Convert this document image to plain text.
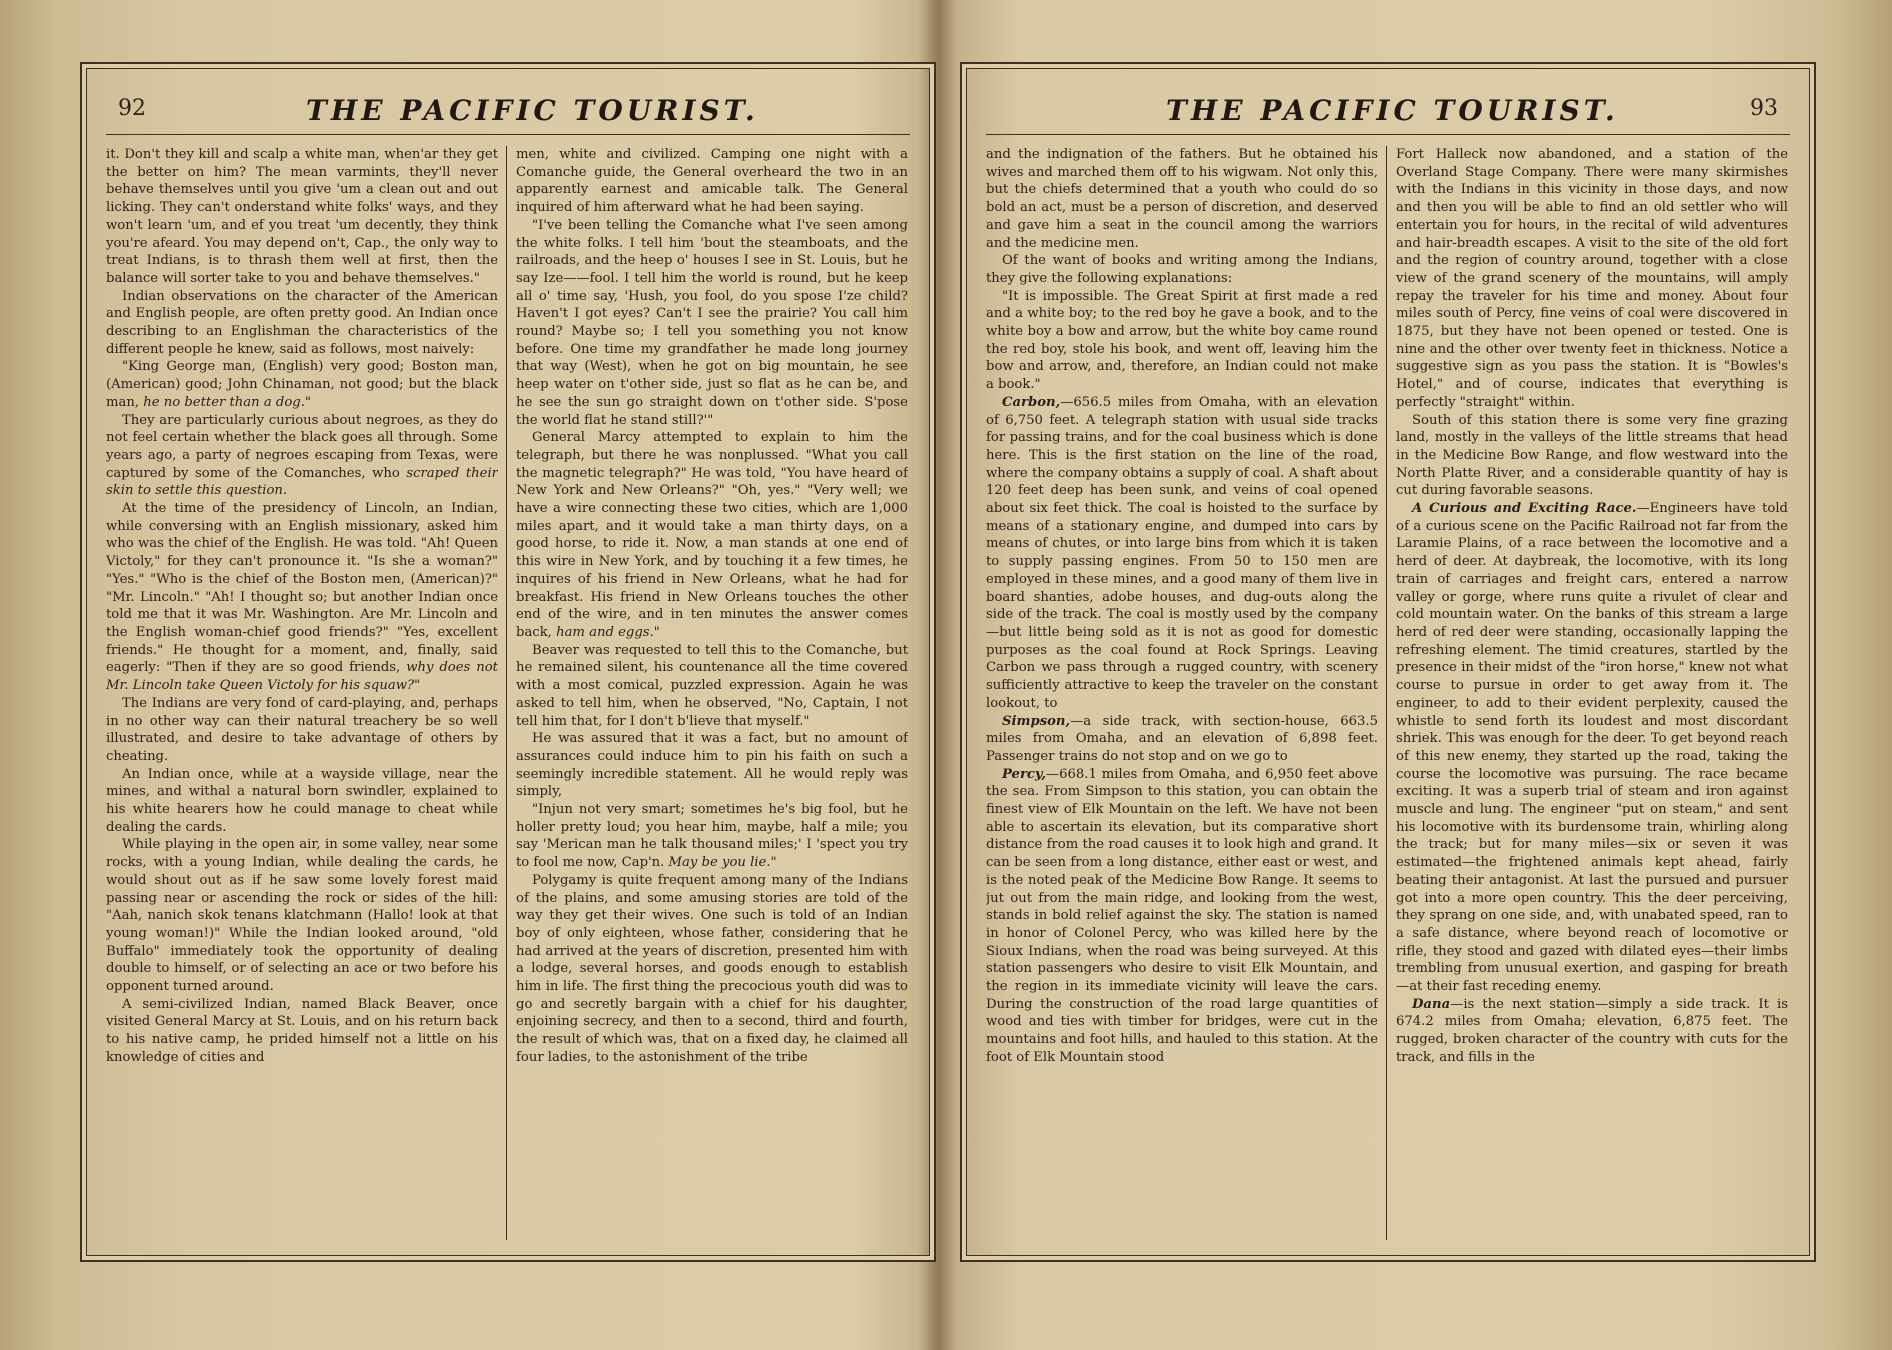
92	THE PACIFIC TOURIST.

it. Don't they kill and scalp a white man, when'ar they get the better on him? The mean varmints, they'll never behave themselves until you give 'um a clean out and out licking. They can't onderstand white folks' ways, and they won't learn 'um, and ef you treat 'um decently, they think you're afeard. You may depend on't, Cap., the only way to treat Indians, is to thrash them well at first, then the balance will sorter take to you and behave themselves."

Indian observations on the character of the American and English people, are often pretty good. An Indian once describing to an Englishman the characteristics of the different people he knew, said as follows, most naively:

"King George man, (English) very good; Boston man, (American) good; John Chinaman, not good; but the black man, he no better than a dog."

They are particularly curious about negroes, as they do not feel certain whether the black goes all through. Some years ago, a party of negroes escaping from Texas, were captured by some of the Comanches, who scraped their skin to settle this question.

At the time of the presidency of Lincoln, an Indian, while conversing with an English missionary, asked him who was the chief of the English. He was told. "Ah! Queen Victoly," for they can't pronounce it. "Is she a woman?" "Yes." "Who is the chief of the Boston men, (American)?" "Mr. Lincoln." "Ah! I thought so; but another Indian once told me that it was Mr. Washington. Are Mr. Lincoln and the English woman-chief good friends?" "Yes, excellent friends." He thought for a moment, and, finally, said eagerly: "Then if they are so good friends, why does not Mr. Lincoln take Queen Victoly for his squaw?"

The Indians are very fond of card-playing, and, perhaps in no other way can their natural treachery be so well illustrated, and desire to take advantage of others by cheating.

An Indian once, while at a wayside village, near the mines, and withal a natural born swindler, explained to his white hearers how he could manage to cheat while dealing the cards.

While playing in the open air, in some valley, near some rocks, with a young Indian, while dealing the cards, he would shout out as if he saw some lovely forest maid passing near or ascending the rock or sides of the hill: "Aah, nanich skok tenans klatchmann (Hallo! look at that young woman!)" While the Indian looked around, "old Buffalo" immediately took the opportunity of dealing double to himself, or of selecting an ace or two before his opponent turned around.

A semi-civilized Indian, named Black Beaver, once visited General Marcy at St. Louis, and on his return back to his native camp, he prided himself not a little on his knowledge of cities and

men, white and civilized. Camping one night with a Comanche guide, the General overheard the two in an apparently earnest and amicable talk. The General inquired of him afterward what he had been saying.

"I've been telling the Comanche what I've seen among the white folks. I tell him 'bout the steamboats, and the railroads, and the heep o' houses I see in St. Louis, but he say Ize——fool. I tell him the world is round, but he keep all o' time say, 'Hush, you fool, do you spose I'ze child? Haven't I got eyes? Can't I see the prairie? You call him round? Maybe so; I tell you something you not know before. One time my grandfather he made long journey that way (West), when he got on big mountain, he see heep water on t'other side, just so flat as he can be, and he see the sun go straight down on t'other side. S'pose the world flat he stand still?'"

General Marcy attempted to explain to him the telegraph, but there he was nonplussed. "What you call the magnetic telegraph?" He was told, "You have heard of New York and New Orleans?" "Oh, yes." "Very well; we have a wire connecting these two cities, which are 1,000 miles apart, and it would take a man thirty days, on a good horse, to ride it. Now, a man stands at one end of this wire in New York, and by touching it a few times, he inquires of his friend in New Orleans, what he had for breakfast. His friend in New Orleans touches the other end of the wire, and in ten minutes the answer comes back, ham and eggs."

Beaver was requested to tell this to the Comanche, but he remained silent, his countenance all the time covered with a most comical, puzzled expression. Again he was asked to tell him, when he observed, "No, Captain, I not tell him that, for I don't b'lieve that myself."

He was assured that it was a fact, but no amount of assurances could induce him to pin his faith on such a seemingly incredible statement. All he would reply was simply,

"Injun not very smart; sometimes he's big fool, but he holler pretty loud; you hear him, maybe, half a mile; you say 'Merican man he talk thousand miles;' I 'spect you try to fool me now, Cap'n. May be you lie."

Polygamy is quite frequent among many of the Indians of the plains, and some amusing stories are told of the way they get their wives. One such is told of an Indian boy of only eighteen, whose father, considering that he had arrived at the years of discretion, presented him with a lodge, several horses, and goods enough to establish him in life. The first thing the precocious youth did was to go and secretly bargain with a chief for his daughter, enjoining secrecy, and then to a second, third and fourth, the result of which was, that on a fixed day, he claimed all four ladies, to the astonishment of the tribe

THE PACIFIC TOURIST.	93

and the indignation of the fathers. But he obtained his wives and marched them off to his wigwam. Not only this, but the chiefs determined that a youth who could do so bold an act, must be a person of discretion, and deserved and gave him a seat in the council among the warriors and the medicine men.

Of the want of books and writing among the Indians, they give the following explanations:

"It is impossible. The Great Spirit at first made a red and a white boy; to the red boy he gave a book, and to the white boy a bow and arrow, but the white boy came round the red boy, stole his book, and went off, leaving him the bow and arrow, and, therefore, an Indian could not make a book."

Carbon,—656.5 miles from Omaha, with an elevation of 6,750 feet. A telegraph station with usual side tracks for passing trains, and for the coal business which is done here. This is the first station on the line of the road, where the company obtains a supply of coal. A shaft about 120 feet deep has been sunk, and veins of coal opened about six feet thick. The coal is hoisted to the surface by means of a stationary engine, and dumped into cars by means of chutes, or into large bins from which it is taken to supply passing engines. From 50 to 150 men are employed in these mines, and a good many of them live in board shanties, adobe houses, and dug-outs along the side of the track. The coal is mostly used by the company—but little being sold as it is not as good for domestic purposes as the coal found at Rock Springs. Leaving Carbon we pass through a rugged country, with scenery sufficiently attractive to keep the traveler on the constant lookout, to

Simpson,—a side track, with section-house, 663.5 miles from Omaha, and an elevation of 6,898 feet. Passenger trains do not stop and on we go to

Percy,—668.1 miles from Omaha, and 6,950 feet above the sea. From Simpson to this station, you can obtain the finest view of Elk Mountain on the left. We have not been able to ascertain its elevation, but its comparative short distance from the road causes it to look high and grand. It can be seen from a long distance, either east or west, and is the noted peak of the Medicine Bow Range. It seems to jut out from the main ridge, and looking from the west, stands in bold relief against the sky. The station is named in honor of Colonel Percy, who was killed here by the Sioux Indians, when the road was being surveyed. At this station passengers who desire to visit Elk Mountain, and the region in its immediate vicinity will leave the cars. During the construction of the road large quantities of wood and ties with timber for bridges, were cut in the mountains and foot hills, and hauled to this station. At the foot of Elk Mountain stood

Fort Halleck now abandoned, and a station of the Overland Stage Company. There were many skirmishes with the Indians in this vicinity in those days, and now and then you will be able to find an old settler who will entertain you for hours, in the recital of wild adventures and hair-breadth escapes. A visit to the site of the old fort and the region of country around, together with a close view of the grand scenery of the mountains, will amply repay the traveler for his time and money. About four miles south of Percy, fine veins of coal were discovered in 1875, but they have not been opened or tested. One is nine and the other over twenty feet in thickness. Notice a suggestive sign as you pass the station. It is "Bowles's Hotel," and of course, indicates that everything is perfectly "straight" within.

South of this station there is some very fine grazing land, mostly in the valleys of the little streams that head in the Medicine Bow Range, and flow westward into the North Platte River, and a considerable quantity of hay is cut during favorable seasons.

A Curious and Exciting Race.—Engineers have told of a curious scene on the Pacific Railroad not far from the Laramie Plains, of a race between the locomotive and a herd of deer. At daybreak, the locomotive, with its long train of carriages and freight cars, entered a narrow valley or gorge, where runs quite a rivulet of clear and cold mountain water. On the banks of this stream a large herd of red deer were standing, occasionally lapping the refreshing element. The timid creatures, startled by the presence in their midst of the "iron horse," knew not what course to pursue in order to get away from it. The engineer, to add to their evident perplexity, caused the whistle to send forth its loudest and most discordant shriek. This was enough for the deer. To get beyond reach of this new enemy, they started up the road, taking the course the locomotive was pursuing. The race became exciting. It was a superb trial of steam and iron against muscle and lung. The engineer "put on steam," and sent his locomotive with its burdensome train, whirling along the track; but for many miles—six or seven it was estimated—the frightened animals kept ahead, fairly beating their antagonist. At last the pursued and pursuer got into a more open country. This the deer perceiving, they sprang on one side, and, with unabated speed, ran to a safe distance, where beyond reach of locomotive or rifle, they stood and gazed with dilated eyes—their limbs trembling from unusual exertion, and gasping for breath—at their fast receding enemy.

Dana—is the next station—simply a side track. It is 674.2 miles from Omaha; elevation, 6,875 feet. The rugged, broken character of the country with cuts for the track, and fills in the
